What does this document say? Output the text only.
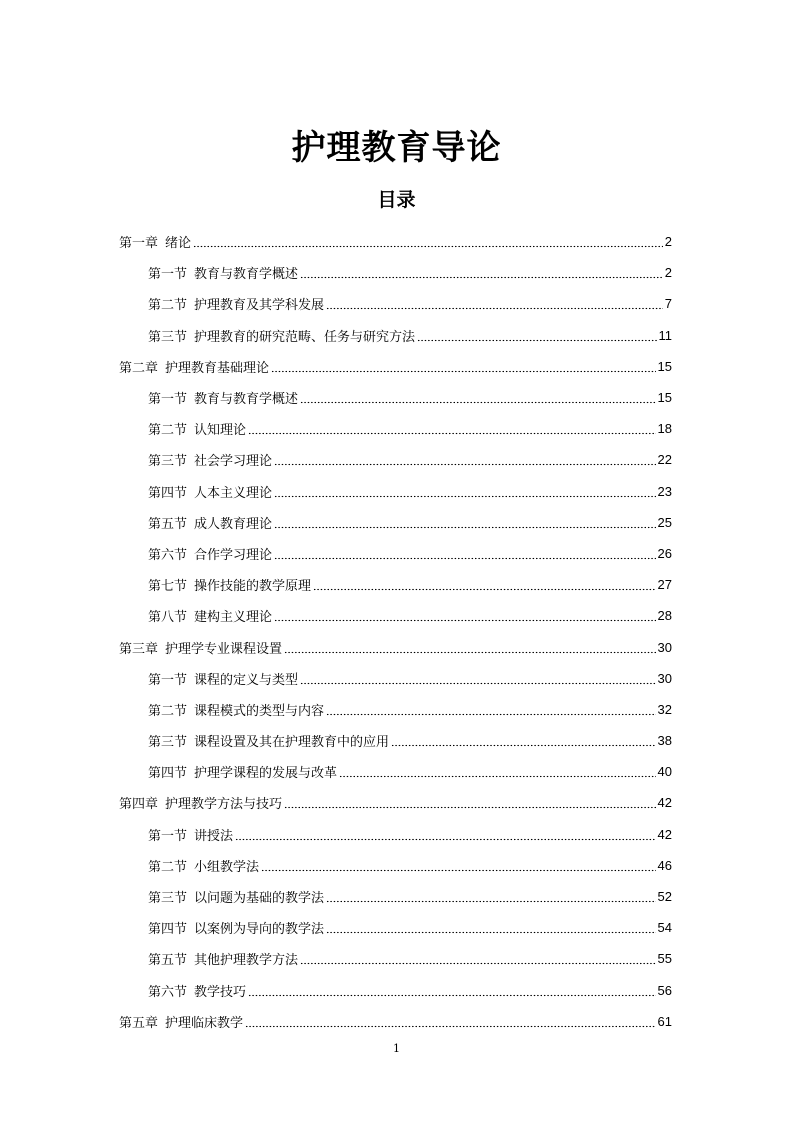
护理教育导论
目录
第一章 绪论	2
第一节 教育与教育学概述	2
第二节 护理教育及其学科发展	7
第三节 护理教育的研究范畴、任务与研究方法	11
第二章 护理教育基础理论	15
第一节 教育与教育学概述	15
第二节 认知理论	18
第三节 社会学习理论	22
第四节 人本主义理论	23
第五节 成人教育理论	25
第六节 合作学习理论	26
第七节 操作技能的教学原理	27
第八节 建构主义理论	28
第三章 护理学专业课程设置	30
第一节 课程的定义与类型	30
第二节 课程模式的类型与内容	32
第三节 课程设置及其在护理教育中的应用	38
第四节 护理学课程的发展与改革	40
第四章 护理教学方法与技巧	42
第一节 讲授法	42
第二节 小组教学法	46
第三节 以问题为基础的教学法	52
第四节 以案例为导向的教学法	54
第五节 其他护理教学方法	55
第六节 教学技巧	56
第五章 护理临床教学	61
1
